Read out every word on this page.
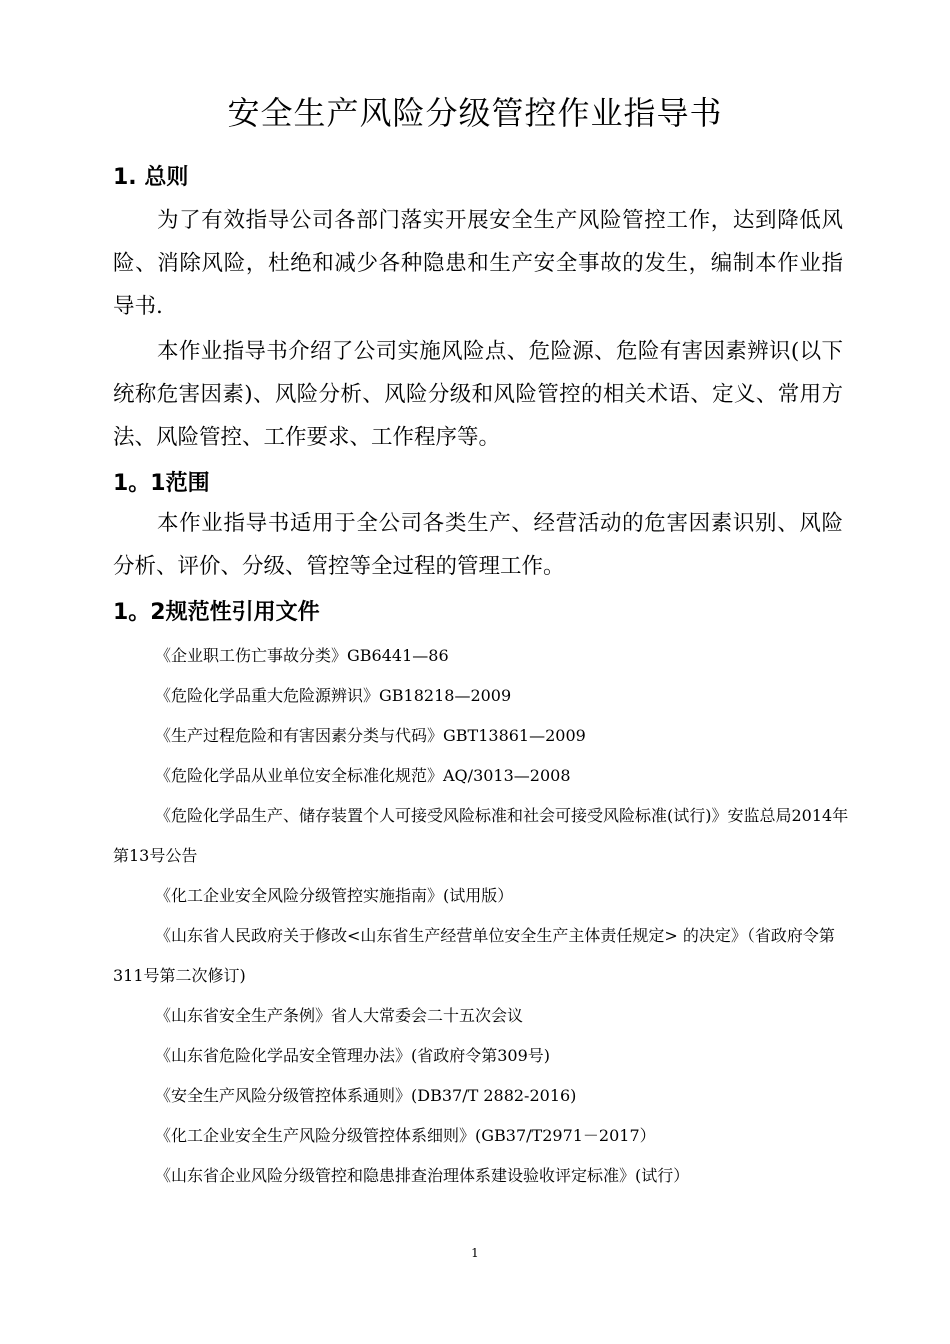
安全生产风险分级管控作业指导书
1. 总则

为了有效指导公司各部门落实开展安全生产风险管控工作，达到降低风险、消除风险，杜绝和减少各种隐患和生产安全事故的发生，编制本作业指导书.

本作业指导书介绍了公司实施风险点、危险源、危险有害因素辨识(以下统称危害因素)、风险分析、风险分级和风险管控的相关术语、定义、常用方法、风险管控、工作要求、工作程序等。

1。1范围

本作业指导书适用于全公司各类生产、经营活动的危害因素识别、风险分析、评价、分级、管控等全过程的管理工作。

1。2规范性引用文件
《企业职工伤亡事故分类》GB6441—86
《危险化学品重大危险源辨识》GB18218—2009
《生产过程危险和有害因素分类与代码》GBT13861—2009
《危险化学品从业单位安全标准化规范》AQ/3013—2008
《危险化学品生产、储存装置个人可接受风险标准和社会可接受风险标准(试行)》安监总局2014年第13号公告
《化工企业安全风险分级管控实施指南》(试用版）
《山东省人民政府关于修改<山东省生产经营单位安全生产主体责任规定> 的决定》（省政府令第311号第二次修订)
《山东省安全生产条例》省人大常委会二十五次会议
《山东省危险化学品安全管理办法》(省政府令第309号)
《安全生产风险分级管控体系通则》(DB37/T 2882-2016)
《化工企业安全生产风险分级管控体系细则》(GB37/T2971－2017）
《山东省企业风险分级管控和隐患排查治理体系建设验收评定标准》(试行）
1
